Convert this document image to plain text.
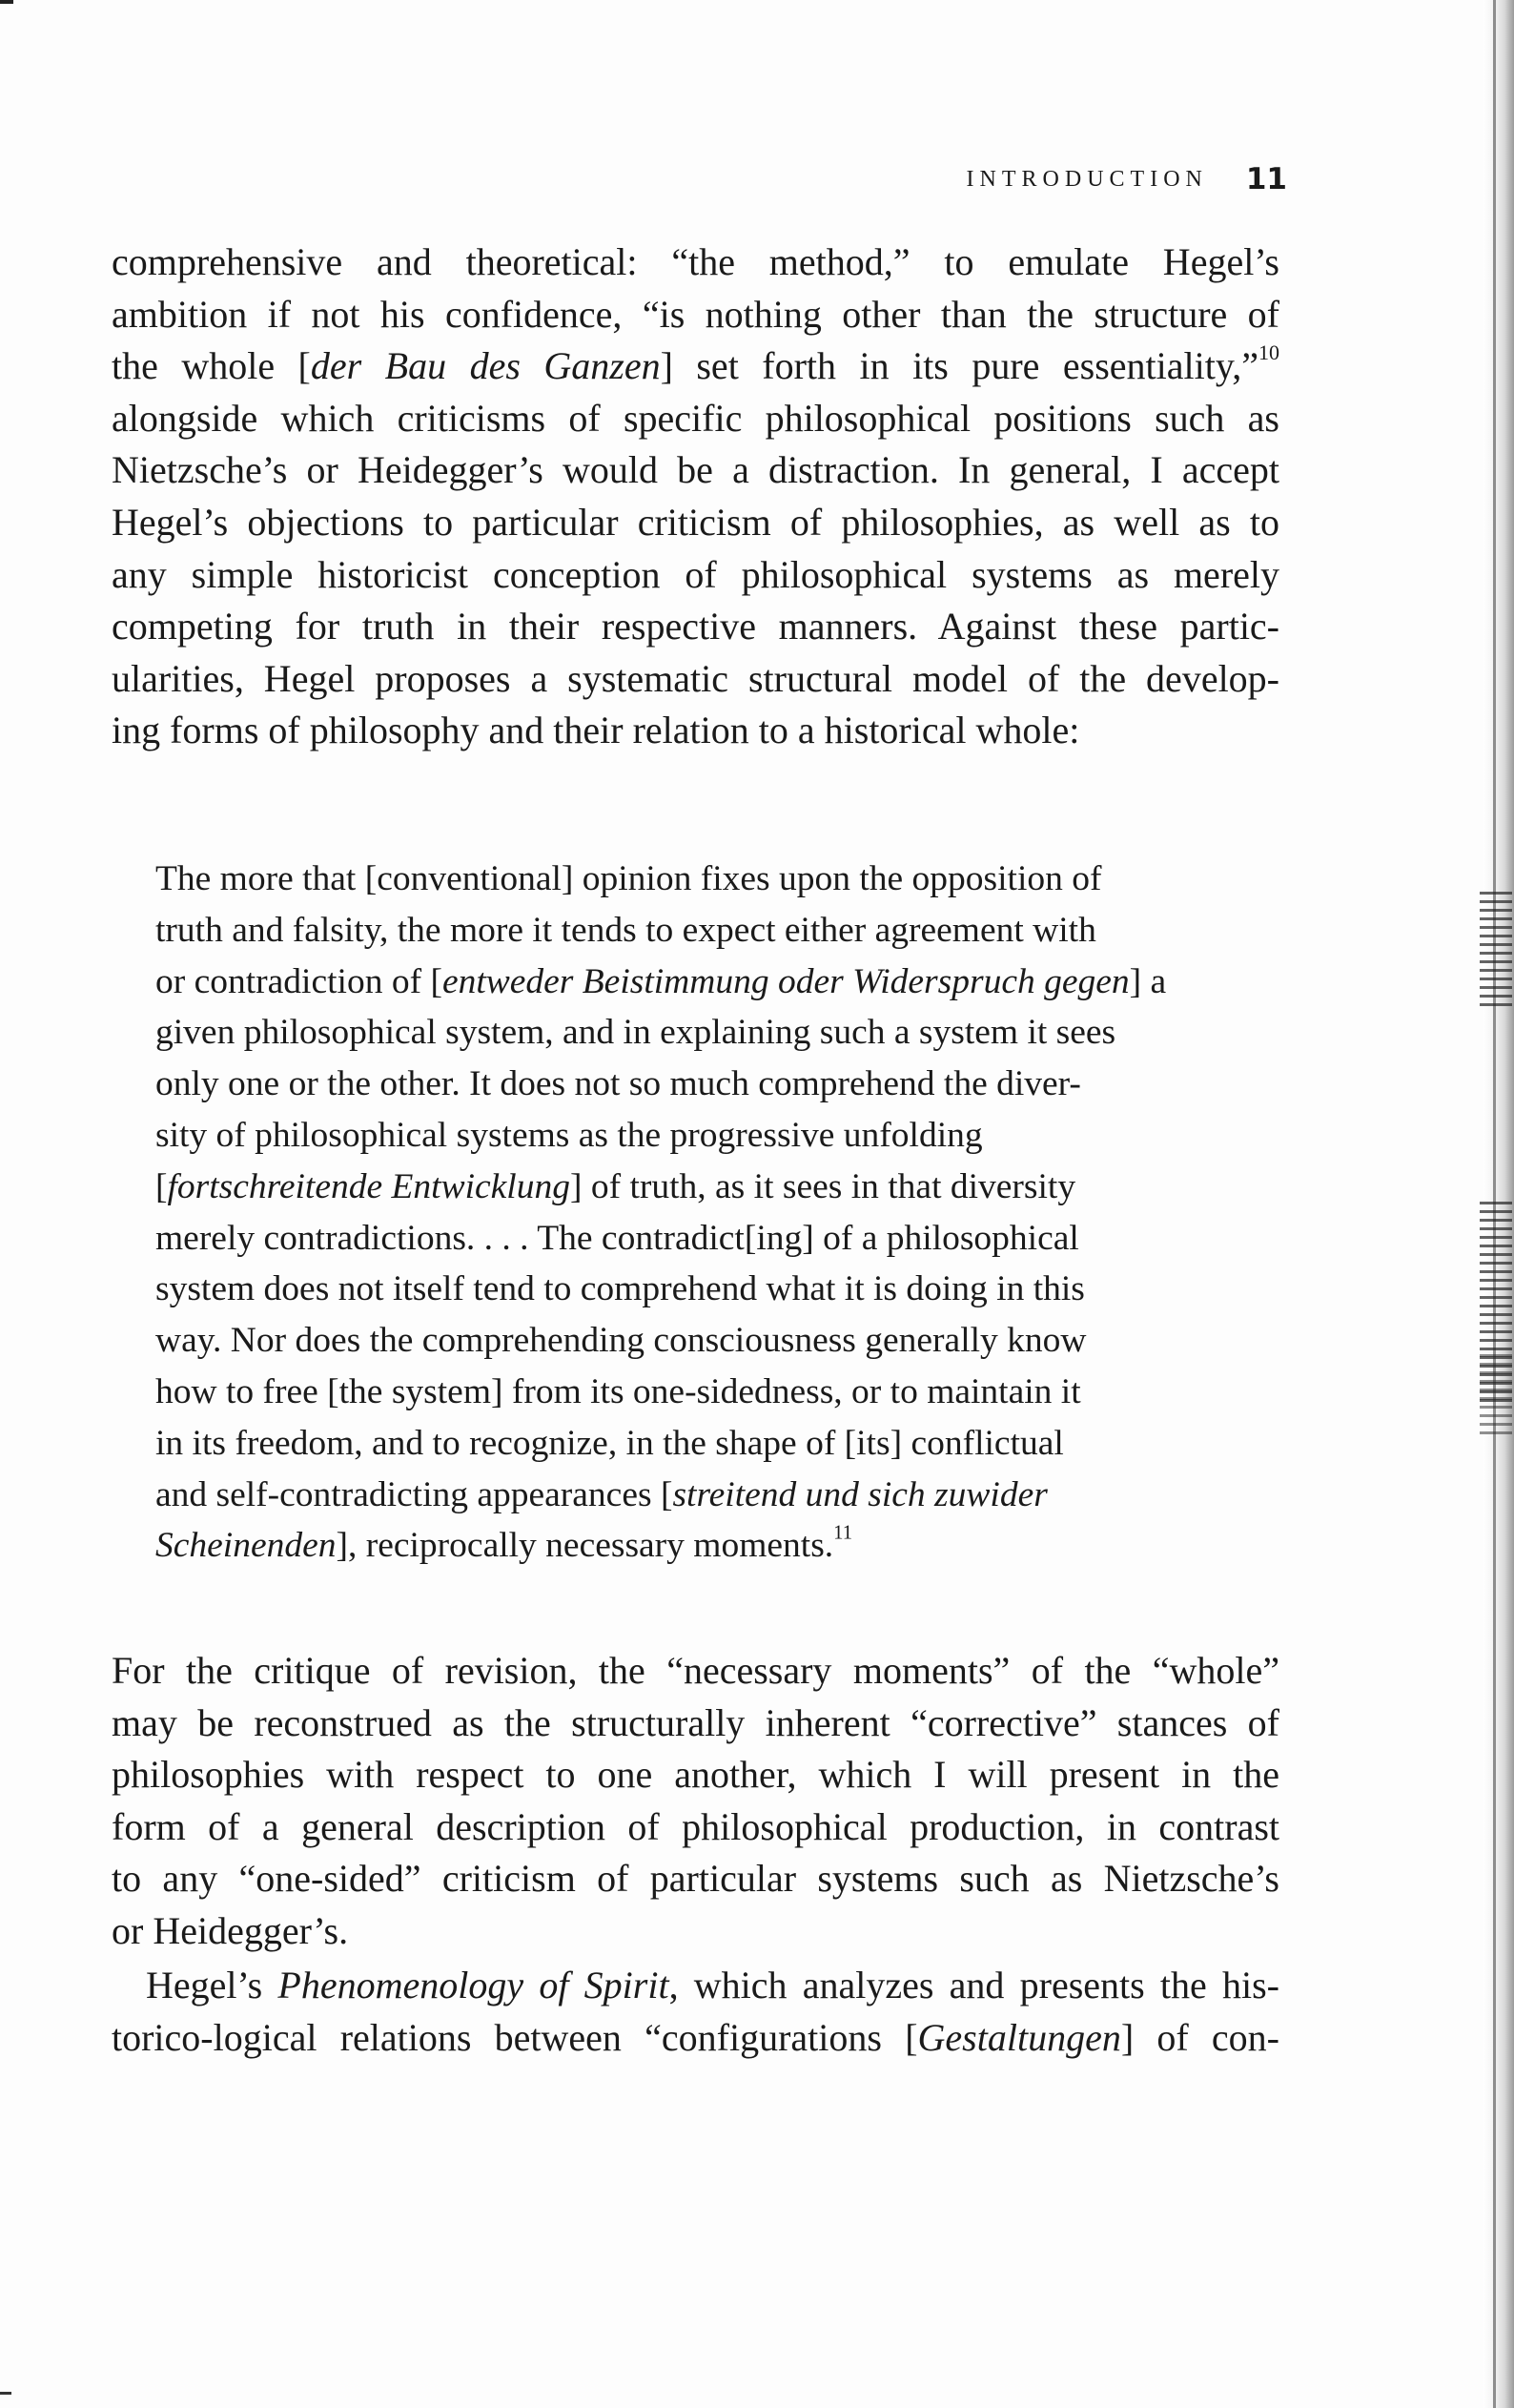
INTRODUCTION 11
comprehensive and theoretical: “the method,” to emulate Hegel’s
ambition if not his confidence, “is nothing other than the structure of
the whole [der Bau des Ganzen] set forth in its pure essentiality,”$^{10}$
alongside which criticisms of specific philosophical positions such as
Nietzsche’s or Heidegger’s would be a distraction. In general, I accept
Hegel’s objections to particular criticism of philosophies, as well as to
any simple historicist conception of philosophical systems as merely
competing for truth in their respective manners. Against these partic-
ularities, Hegel proposes a systematic structural model of the develop-
ing forms of philosophy and their relation to a historical whole:
The more that [conventional] opinion fixes upon the opposition of
truth and falsity, the more it tends to expect either agreement with
or contradiction of [entweder Beistimmung oder Widerspruch gegen] a
given philosophical system, and in explaining such a system it sees
only one or the other. It does not so much comprehend the diver-
sity of philosophical systems as the progressive unfolding
[fortschreitende Entwicklung] of truth, as it sees in that diversity
merely contradictions. . . . The contradict[ing] of a philosophical
system does not itself tend to comprehend what it is doing in this
way. Nor does the comprehending consciousness generally know
how to free [the system] from its one-sidedness, or to maintain it
in its freedom, and to recognize, in the shape of [its] conflictual
and self-contradicting appearances [streitend und sich zuwider
Scheinenden], reciprocally necessary moments.$^{11}$
For the critique of revision, the “necessary moments” of the “whole”
may be reconstrued as the structurally inherent “corrective” stances of
philosophies with respect to one another, which I will present in the
form of a general description of philosophical production, in contrast
to any “one-sided” criticism of particular systems such as Nietzsche’s
or Heidegger’s.
Hegel’s Phenomenology of Spirit, which analyzes and presents the his-
torico-logical relations between “configurations [Gestaltungen] of con-
